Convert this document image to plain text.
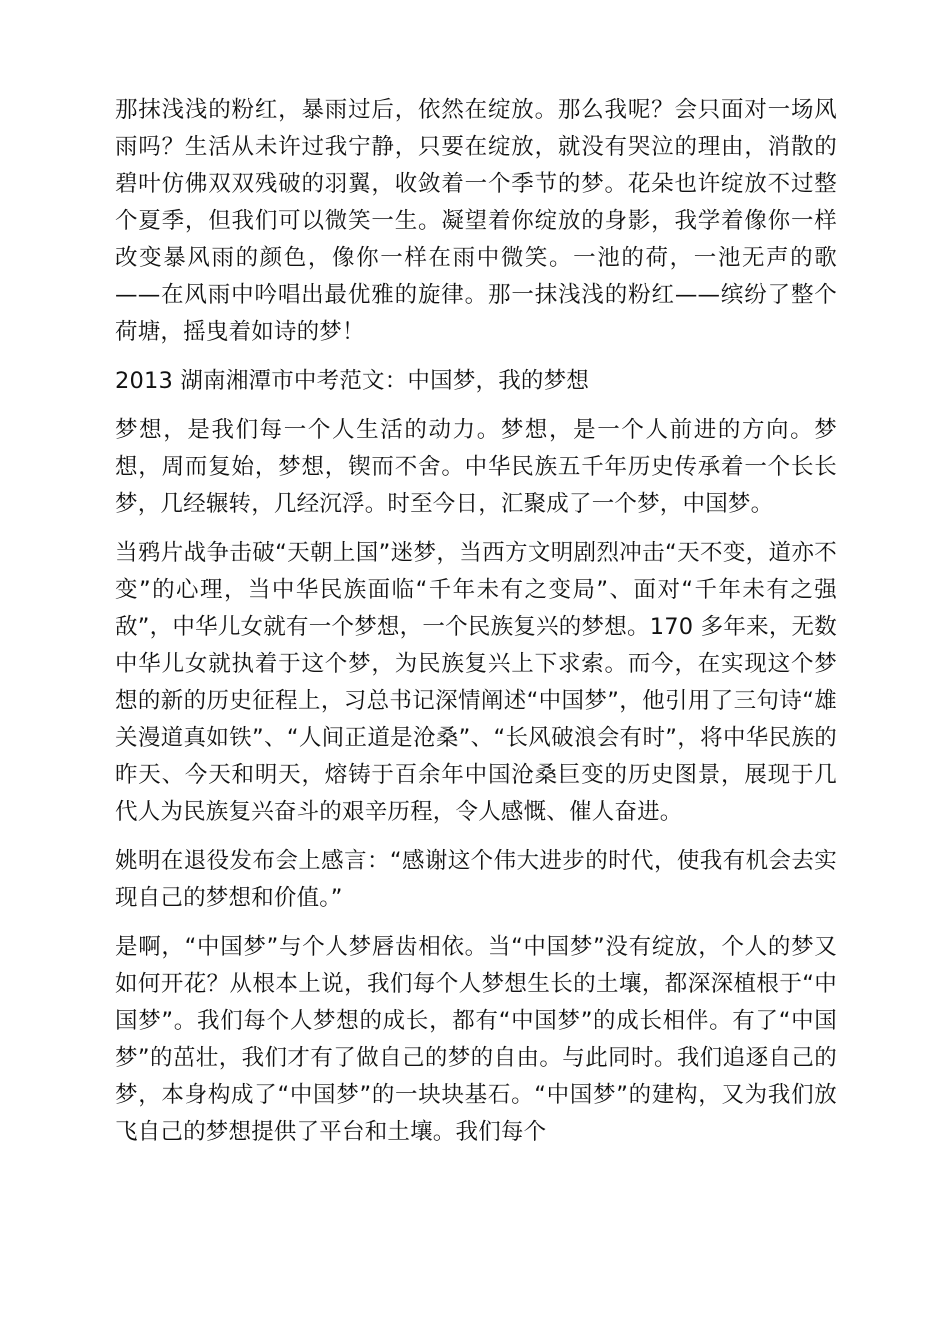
那抹浅浅的粉红，暴雨过后，依然在绽放。那么我呢？会只面对一场风雨吗？生活从未许过我宁静，只要在绽放，就没有哭泣的理由，消散的碧叶仿佛双双残破的羽翼，收敛着一个季节的梦。花朵也许绽放不过整个夏季，但我们可以微笑一生。凝望着你绽放的身影，我学着像你一样改变暴风雨的颜色，像你一样在雨中微笑。一池的荷，一池无声的歌——在风雨中吟唱出最优雅的旋律。那一抹浅浅的粉红——缤纷了整个荷塘，摇曳着如诗的梦！

2013 湖南湘潭市中考范文：中国梦，我的梦想

梦想，是我们每一个人生活的动力。梦想，是一个人前进的方向。梦想，周而复始，梦想，锲而不舍。中华民族五千年历史传承着一个长长梦，几经辗转，几经沉浮。时至今日，汇聚成了一个梦，中国梦。

当鸦片战争击破“天朝上国”迷梦，当西方文明剧烈冲击“天不变，道亦不变”的心理，当中华民族面临“千年未有之变局”、面对“千年未有之强敌”，中华儿女就有一个梦想，一个民族复兴的梦想。170 多年来，无数中华儿女就执着于这个梦，为民族复兴上下求索。而今，在实现这个梦想的新的历史征程上，习总书记深情阐述“中国梦”，他引用了三句诗“雄关漫道真如铁”、“人间正道是沧桑”、“长风破浪会有时”，将中华民族的昨天、今天和明天，熔铸于百余年中国沧桑巨变的历史图景，展现于几代人为民族复兴奋斗的艰辛历程，令人感慨、催人奋进。

姚明在退役发布会上感言：“感谢这个伟大进步的时代，使我有机会去实现自己的梦想和价值。”

是啊，“中国梦”与个人梦唇齿相依。当“中国梦”没有绽放，个人的梦又如何开花？从根本上说，我们每个人梦想生长的土壤，都深深植根于“中国梦”。我们每个人梦想的成长，都有“中国梦”的成长相伴。有了“中国梦”的茁壮，我们才有了做自己的梦的自由。与此同时。我们追逐自己的梦，本身构成了“中国梦”的一块块基石。“中国梦”的建构，又为我们放飞自己的梦想提供了平台和土壤。我们每个
